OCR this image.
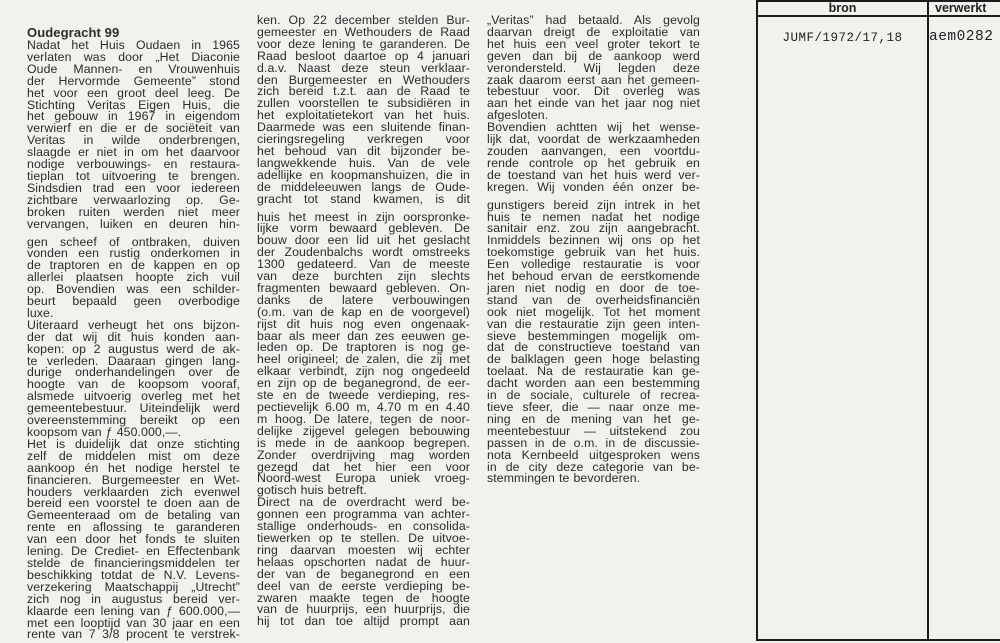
Oudegracht 99
Nadat het Huis Oudaen in 1965
verlaten was door „Het Diaconie
Oude Mannen- en Vrouwenhuis
der Hervormde Gemeente” stond
het voor een groot deel leeg. De
Stichting Veritas Eigen Huis, die
het gebouw in 1967 in eigendom
verwierf en die er de sociëteit van
Veritas in wilde onderbrengen,
slaagde er niet in om het daarvoor
nodige verbouwings- en restaura-
tieplan tot uitvoering te brengen.
Sindsdien trad een voor iedereen
zichtbare verwaarlozing op. Ge-
broken ruiten werden niet meer
vervangen, luiken en deuren hin-
gen scheef of ontbraken, duiven
vonden een rustig onderkomen in
de traptoren en de kappen en op
allerlei plaatsen hoopte zich vuil
op. Bovendien was een schilder-
beurt bepaald geen overbodige
luxe.
Uiteraard verheugt het ons bijzon-
der dat wij dit huis konden aan-
kopen: op 2 augustus werd de ak-
te verleden. Daaraan gingen lang-
durige onderhandelingen over de
hoogte van de koopsom vooraf,
alsmede uitvoerig overleg met het
gemeentebestuur. Uiteindelijk werd
overeenstemming bereikt op een
koopsom van ƒ 450.000,—.
Het is duidelijk dat onze stichting
zelf de middelen mist om deze
aankoop én het nodige herstel te
financieren. Burgemeester en Wet-
houders verklaarden zich evenwel
bereid een voorstel te doen aan de
Gemeenteraad om de betaling van
rente en aflossing te garanderen
van een door het fonds te sluiten
lening. De Crediet- en Effectenbank
stelde de financieringsmiddelen ter
beschikking totdat de N.V. Levens-
verzekering Maatschappij „Utrecht”
zich nog in augustus bereid ver-
klaarde een lening van ƒ 600.000,—
met een looptijd van 30 jaar en een
rente van 7 3/8 procent te verstrek-
ken. Op 22 december stelden Bur-
gemeester en Wethouders de Raad
voor deze lening te garanderen. De
Raad besloot daartoe op 4 januari
d.a.v. Naast deze steun verklaar-
den Burgemeester en Wethouders
zich bereid t.z.t. aan de Raad te
zullen voorstellen te subsidiëren in
het exploitatietekort van het huis.
Daarmede was een sluitende finan-
cieringsregeling verkregen voor
het behoud van dit bijzonder be-
langwekkende huis. Van de vele
adellijke en koopmanshuizen, die in
de middeleeuwen langs de Oude-
gracht tot stand kwamen, is dit
huis het meest in zijn oorspronke-
lijke vorm bewaard gebleven. De
bouw door een lid uit het geslacht
der Zoudenbalchs wordt omstreeks
1300 gedateerd. Van de meeste
van deze burchten zijn slechts
fragmenten bewaard gebleven. On-
danks de latere verbouwingen
(o.m. van de kap en de voorgevel)
rijst dit huis nog even ongenaak-
baar als meer dan zes eeuwen ge-
leden op. De traptoren is nog ge-
heel origineel; de zalen, die zij met
elkaar verbindt, zijn nog ongedeeld
en zijn op de beganegrond, de eer-
ste en de tweede verdieping, res-
pectievelijk 6.00 m, 4.70 m en 4.40
m hoog. De latere, tegen de noor-
delijke zijgevel gelegen bebouwing
is mede in de aankoop begrepen.
Zonder overdrijving mag worden
gezegd dat het hier een voor
Noord-west Europa uniek vroeg-
gotisch huis betreft.
Direct na de overdracht werd be-
gonnen een programma van achter-
stallige onderhouds- en consolida-
tiewerken op te stellen. De uitvoe-
ring daarvan moesten wij echter
helaas opschorten nadat de huur-
der van de beganegrond en een
deel van de eerste verdieping be-
zwaren maakte tegen de hoogte
van de huurprijs, een huurprijs, die
hij tot dan toe altijd prompt aan
„Veritas” had betaald. Als gevolg
daarvan dreigt de exploitatie van
het huis een veel groter tekort te
geven dan bij de aankoop werd
verondersteld. Wij legden deze
zaak daarom eerst aan het gemeen-
tebestuur voor. Dit overleg was
aan het einde van het jaar nog niet
afgesloten.
Bovendien achtten wij het wense-
lijk dat, voordat de werkzaamheden
zouden aanvangen, een voortdu-
rende controle op het gebruik en
de toestand van het huis werd ver-
kregen. Wij vonden één onzer be-
gunstigers bereid zijn intrek in het
huis te nemen nadat het nodige
sanitair enz. zou zijn aangebracht.
Inmiddels bezinnen wij ons op het
toekomstige gebruik van het huis.
Een volledige restauratie is voor
het behoud ervan de eerstkomende
jaren niet nodig en door de toe-
stand van de overheidsfinanciën
ook niet mogelijk. Tot het moment
van die restauratie zijn geen inten-
sieve bestemmingen mogelijk om-
dat de constructieve toestand van
de balklagen geen hoge belasting
toelaat. Na de restauratie kan ge-
dacht worden aan een bestemming
in de sociale, culturele of recrea-
tieve sfeer, die — naar onze me-
ning en de mening van het ge-
meentebestuur — uitstekend zou
passen in de o.m. in de discussie-
nota Kernbeeld uitgesproken wens
in de city deze categorie van be-
stemmingen te bevorderen.
bron	verwerkt
JUMF/1972/17,18	aem0282
